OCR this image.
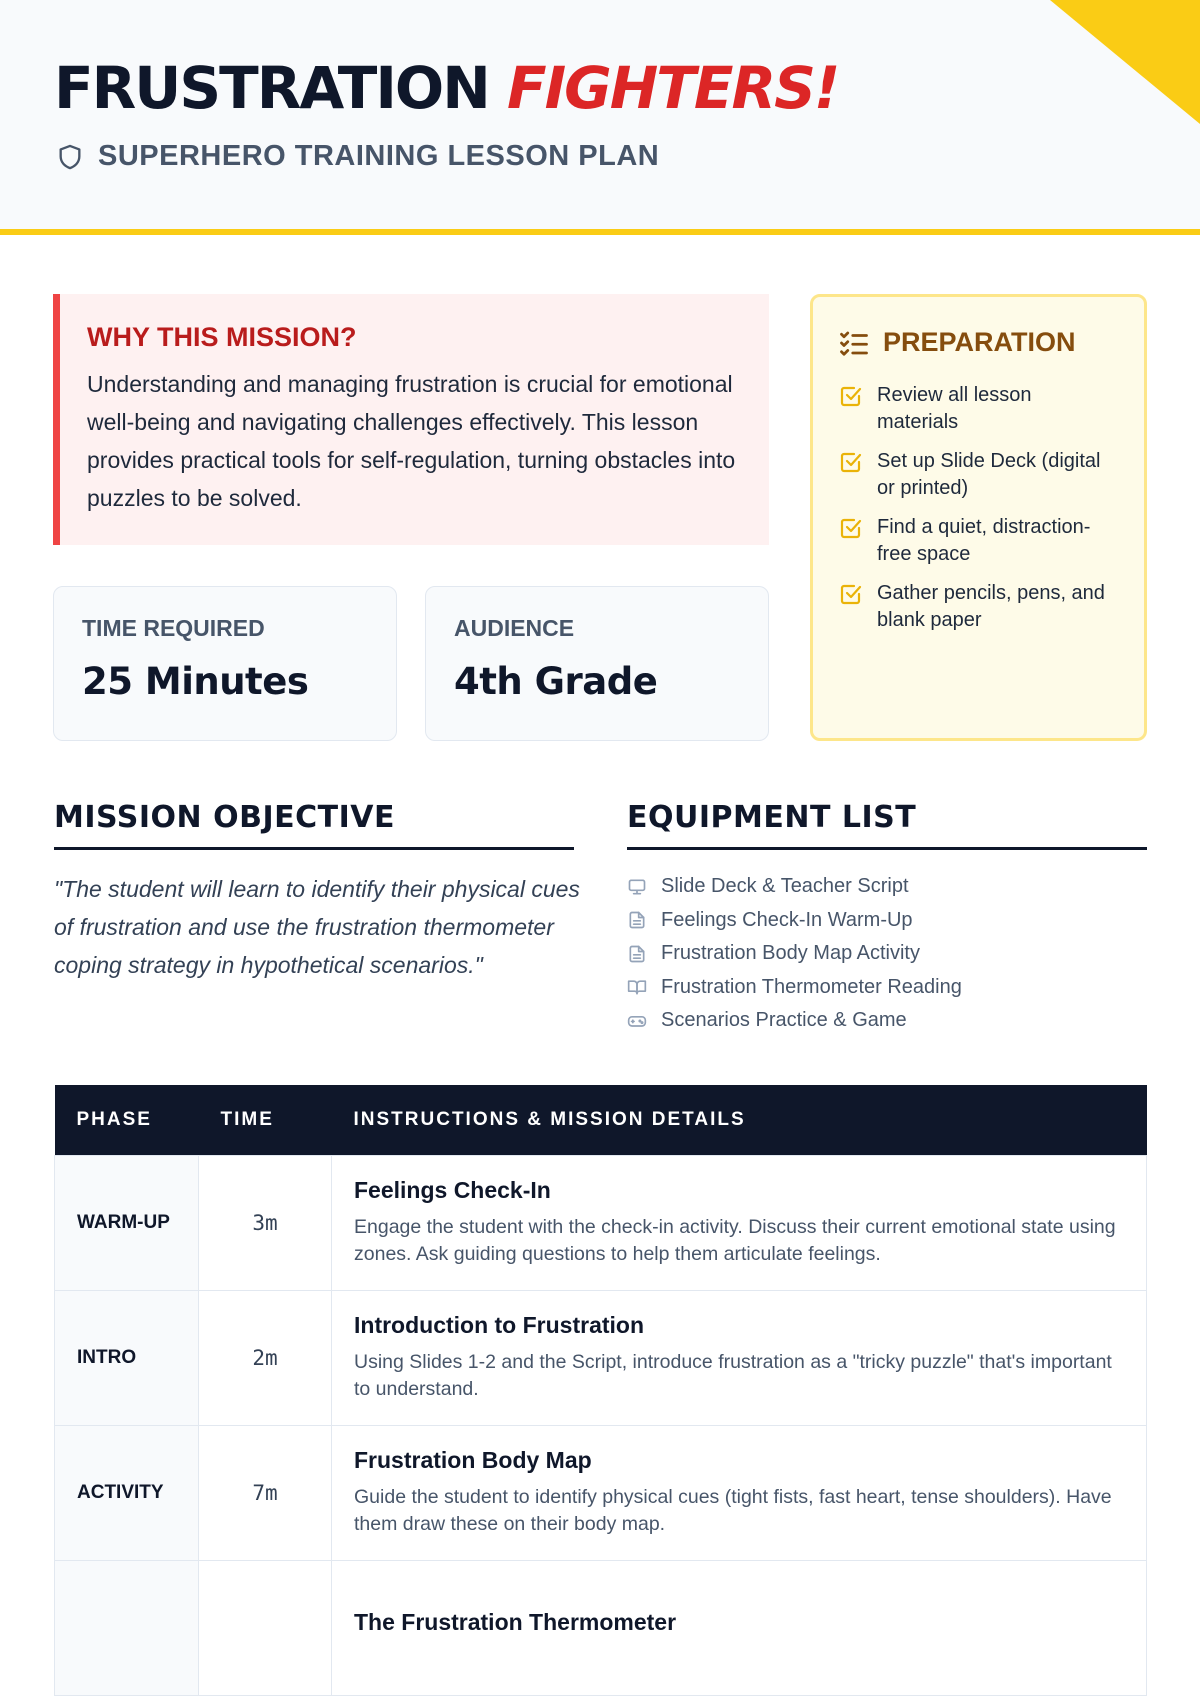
FRUSTRATION FIGHTERS!
SUPERHERO TRAINING LESSON PLAN
WHY THIS MISSION?

Understanding and managing frustration is crucial for emotional well-being and navigating challenges effectively. This lesson provides practical tools for self-regulation, turning obstacles into puzzles to be solved.

TIME REQUIRED
25 Minutes
AUDIENCE
4th Grade
PREPARATION
Review all lesson materials
Set up Slide Deck (digital or printed)
Find a quiet, distraction-free space
Gather pencils, pens, and blank paper
MISSION OBJECTIVE

"The student will learn to identify their physical cues of frustration and use the frustration thermometer coping strategy in hypothetical scenarios."

EQUIPMENT LIST
Slide Deck & Teacher Script
Feelings Check-In Warm-Up
Frustration Body Map Activity
Frustration Thermometer Reading
Scenarios Practice & Game
PHASE	TIME	INSTRUCTIONS & MISSION DETAILS
WARM-UP	3m	Feelings Check-In
Engage the student with the check-in activity. Discuss their current emotional state using zones. Ask guiding questions to help them articulate feelings.

INTRO	2m	Introduction to Frustration
Using Slides 1-2 and the Script, introduce frustration as a "tricky puzzle" that's important to understand.

ACTIVITY	7m	Frustration Body Map
Guide the student to identify physical cues (tight fists, fast heart, tense shoulders). Have them draw these on their body map.

		The Frustration Thermometer
